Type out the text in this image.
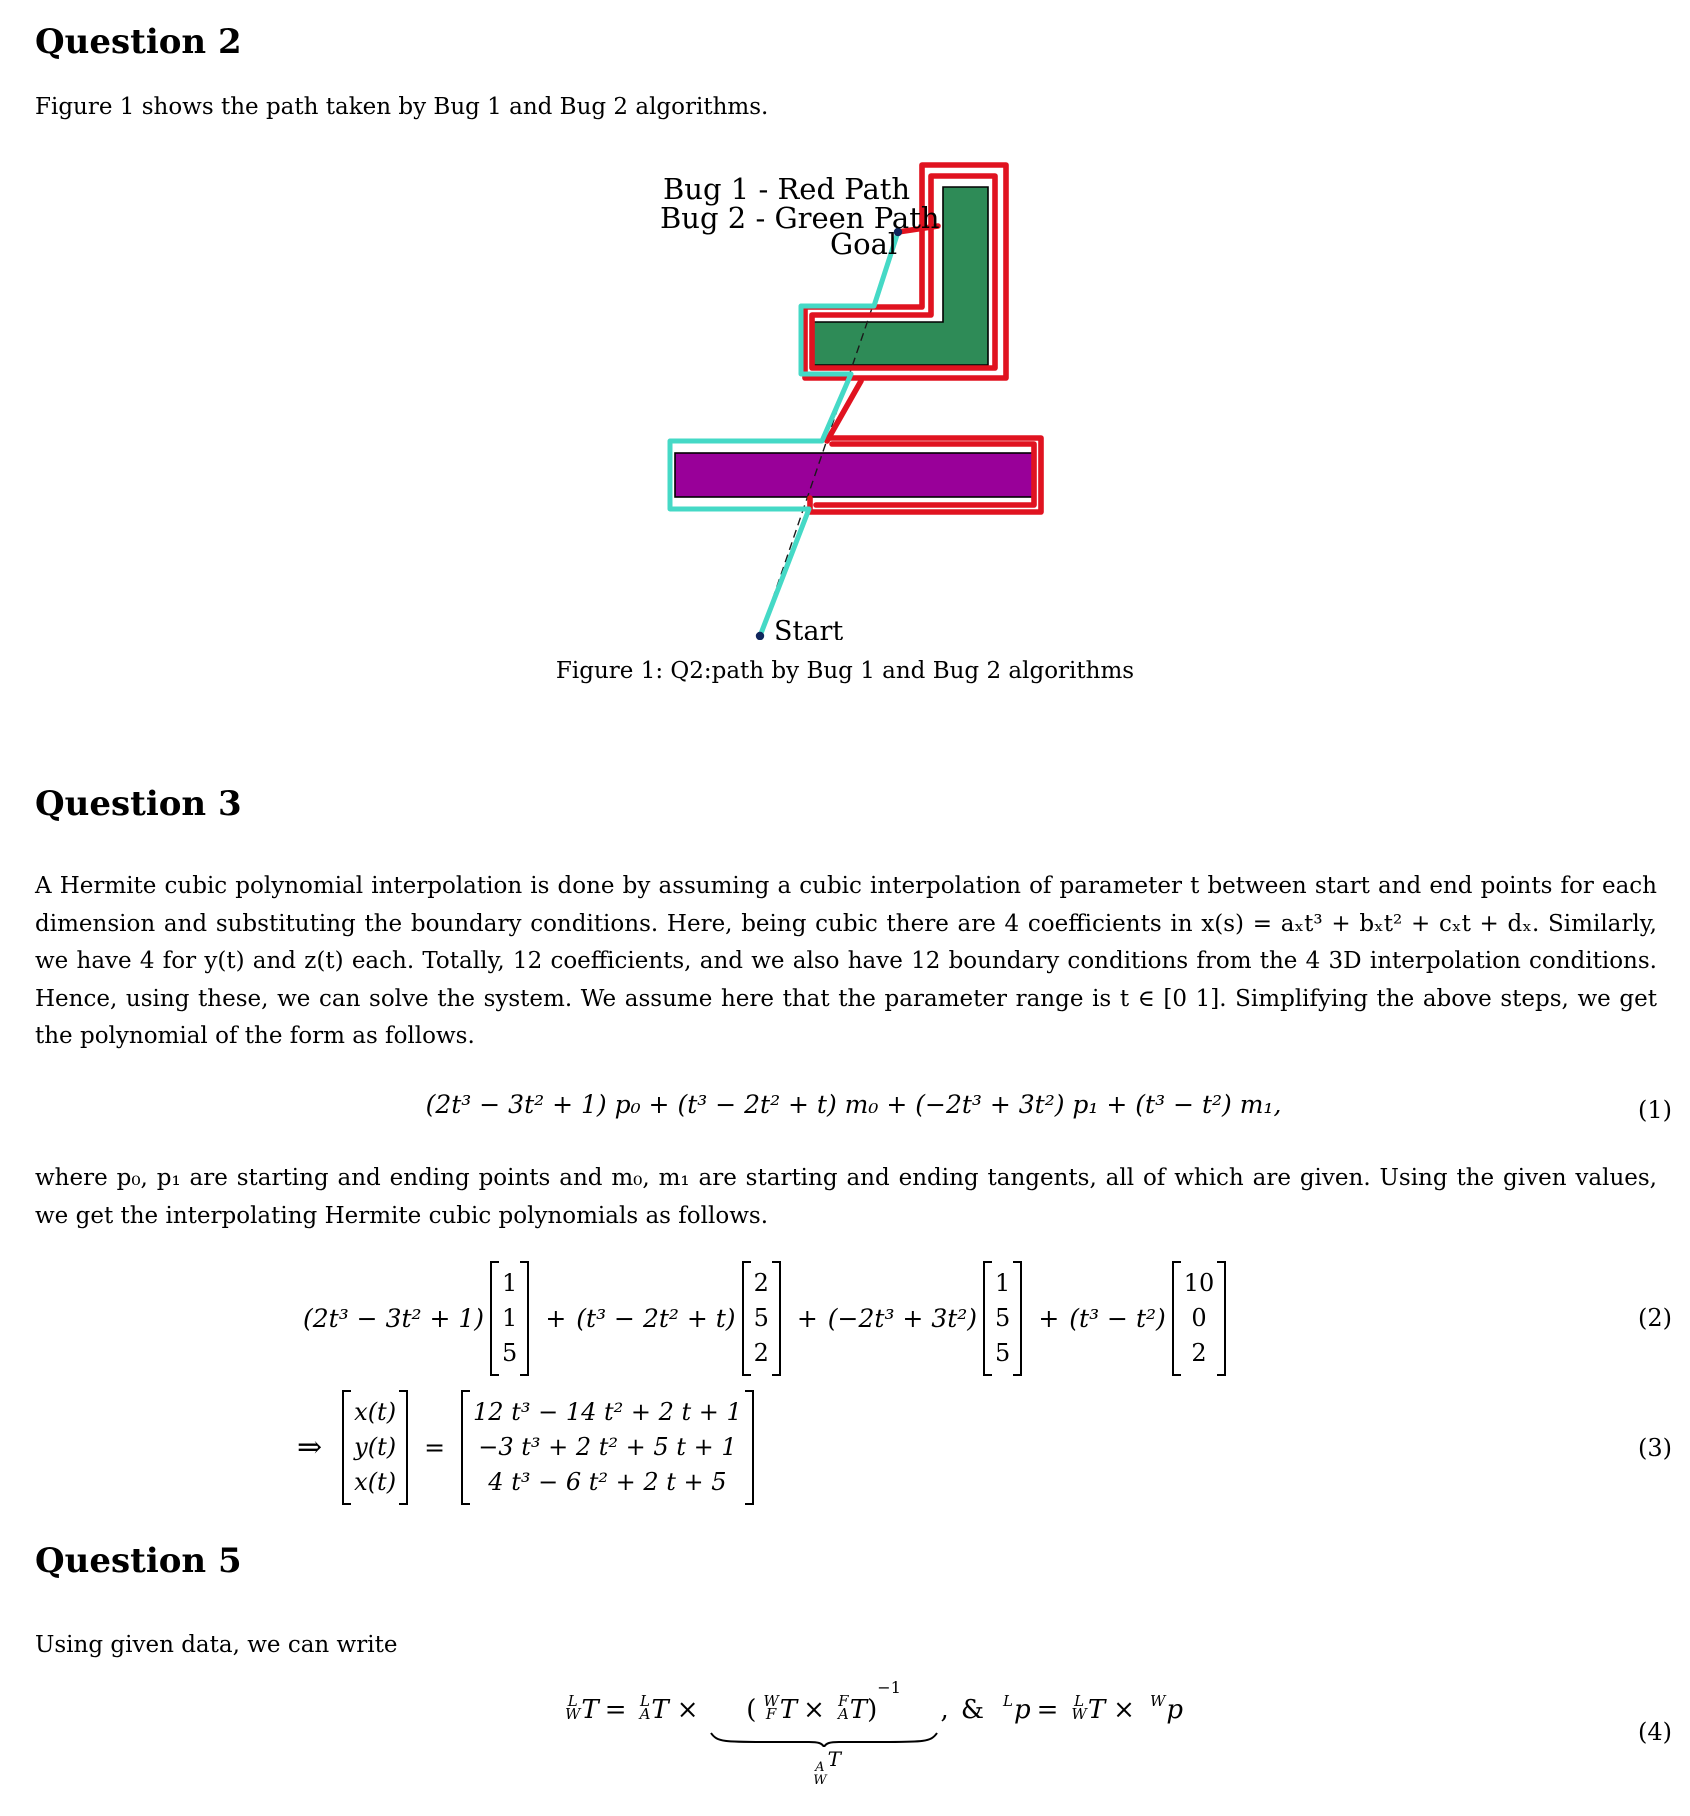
Question 2

Figure 1 shows the path taken by Bug 1 and Bug 2 algorithms.

Bug 1 - Red Path
Bug 2 - Green Path
Goal
Start

Figure 1: Q2:path by Bug 1 and Bug 2 algorithms

Question 3

A Hermite cubic polynomial interpolation is done by assuming a cubic interpolation of parameter t between start and end points for each dimension and substituting the boundary conditions. Here, being cubic there are 4 coefficients in x(s) = aₓt³ + bₓt² + cₓt + dₓ. Similarly, we have 4 for y(t) and z(t) each. Totally, 12 coefficients, and we also have 12 boundary conditions from the 4 3D interpolation conditions. Hence, using these, we can solve the system. We assume here that the parameter range is t ∈ [0 1]. Simplifying the above steps, we get the polynomial of the form as follows.

(2t³ − 3t² + 1) p₀ + (t³ − 2t² + t) m₀ + (−2t³ + 3t²) p₁ + (t³ − t²) m₁,	(1)

where p₀, p₁ are starting and ending points and m₀, m₁ are starting and ending tangents, all of which are given. Using the given values, we get the interpolating Hermite cubic polynomials as follows.

(2t³ − 3t² + 1)
1
1
5
+ (t³ − 2t² + t)
2
5
2
+ (−2t³ + 3t²)
1
5
5
+ (t³ − t²)
10
0
2
(2)
⇒
x(t)
y(t)
x(t)
=
12 t³ − 14 t² + 2 t + 1
−3 t³ + 2 t² + 5 t + 1
4 t³ − 6 t² + 2 t + 5
(3)
Question 5

Using given data, we can write

L
W T = L
A T × ( W
F T × F
A T )
−1
A
W
T
, & L p = L
W T × W p
(4)
